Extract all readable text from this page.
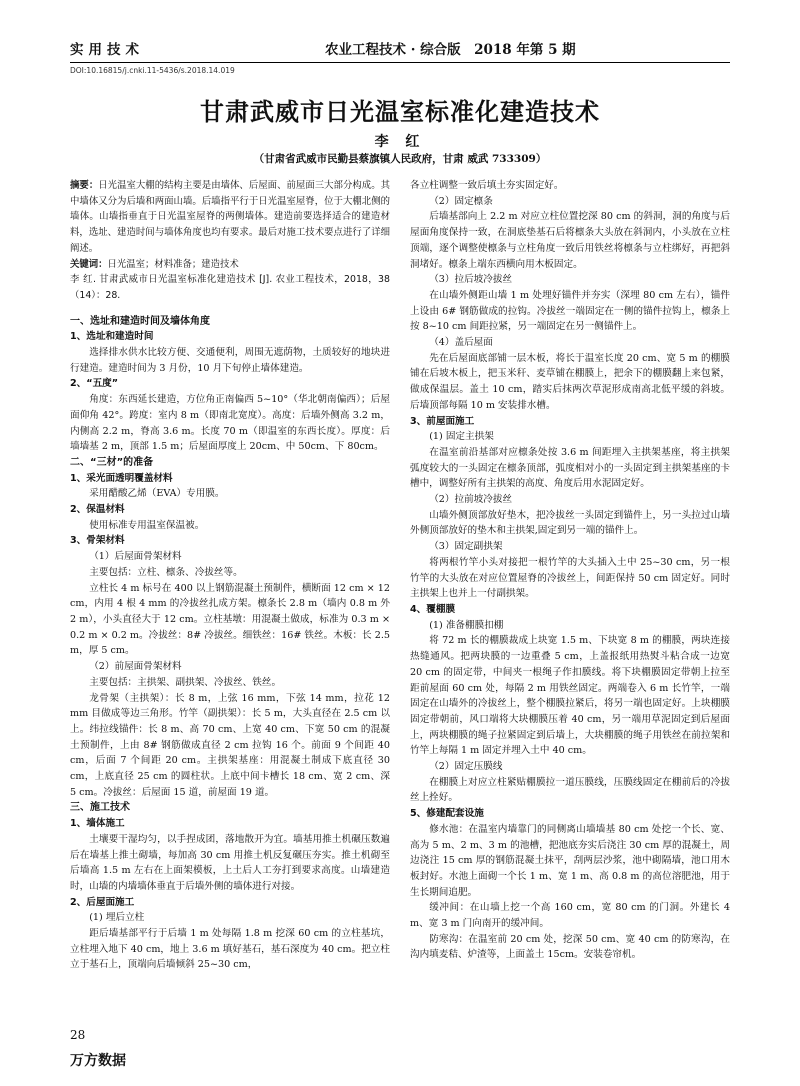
实用技术	农业工程技术 · 综合版　2018 年第 5 期
DOI:10.16815/j.cnki.11-5436/s.2018.14.019
甘肃武威市日光温室标准化建造技术
李 红
（甘肃省武威市民勤县蔡旗镇人民政府，甘肃 威武 733309）

摘要：日光温室大棚的结构主要是由墙体、后屋面、前屋面三大部分构成。其中墙体又分为后墙和两面山墙。后墙指平行于日光温室屋脊，位于大棚北侧的墙体。山墙指垂直于日光温室屋脊的两侧墙体。建造前要选择适合的建造材料，选址、建造时间与墙体角度也均有要求。最后对施工技术要点进行了详细阐述。

关键词：日光温室；材料准备；建造技术

李 红. 甘肃武威市日光温室标准化建造技术 [J]. 农业工程技术，2018，38（14）：28.

一、选址和建造时间及墙体角度

1、选址和建造时间

选择排水供水比较方便、交通便利，周围无遮荫物，土质较好的地块进行建造。建造时间为 3 月份，10 月下旬停止墙体建造。

2、“五度”

角度：东西延长建造，方位角正南偏西 5~10°（华北朝南偏西）；后屋面仰角 42°。跨度：室内 8 m（即南北宽度）。高度：后墙外侧高 3.2 m，内侧高 2.2 m，脊高 3.6 m。长度 70 m（即温室的东西长度）。厚度：后墙墙基 2 m，顶部 1.5 m；后屋面厚度上 20cm、中 50cm、下 80cm。

二、“三材”的准备

1、采光面透明覆盖材料

采用醋酸乙烯（EVA）专用膜。

2、保温材料

使用标准专用温室保温被。

3、骨架材料

（1）后屋面骨架材料

主要包括：立柱、檩条、冷拔丝等。

立柱长 4 m 标号在 400 以上钢筋混凝土预制件，横断面 12 cm × 12 cm，内用 4 根 4 mm 的冷拔丝扎成方架。檩条长 2.8 m（墙内 0.8 m 外 2 m），小头直径大于 12 cm。立柱基墩：用混凝土做成，标准为 0.3 m × 0.2 m × 0.2 m。冷拔丝：8# 冷拔丝。细铁丝：16# 铁丝。木板：长 2.5 m，厚 5 cm。

（2）前屋面骨架材料

主要包括：主拱架、副拱架、冷拔丝、铁丝。

龙骨架（主拱架）：长 8 m，上弦 16 mm，下弦 14 mm，拉花 12 mm 目做成等边三角形。竹竿（副拱架）：长 5 m，大头直径在 2.5 cm 以上。纬拉线锚件：长 8 m、高 70 cm、上宽 40 cm、下宽 50 cm 的混凝土预制件，上由 8# 钢筋做成直径 2 cm 拉钩 16 个。前面 9 个间距 40 cm，后面 7 个间距 20 cm。主拱架基座：用混凝土制成下底直径 30 cm，上底直径 25 cm 的圆柱状。上底中间卡槽长 18 cm、宽 2 cm、深 5 cm。冷拔丝：后屋面 15 道，前屋面 19 道。

三、施工技术

1、墙体施工

土壤要干湿均匀，以手捏成团，落地散开为宜。墙基用推土机碾压数遍后在墙基上推土砌墙，每加高 30 cm 用推土机反复碾压夯实。推土机砌至后墙高 1.5 m 左右在上面架模板，上土后人工夯打到要求高度。山墙建造时，山墙的内墙墙体垂直于后墙外侧的墙体进行对接。

2、后屋面施工

(1) 埋后立柱

距后墙基部平行于后墙 1 m 处每隔 1.8 m 挖深 60 cm 的立柱基坑，立柱埋入地下 40 cm，地上 3.6 m 填好基石，基石深度为 40 cm。把立柱立于基石上，顶端向后墙倾斜 25~30 cm，

各立柱调整一致后填土夯实固定好。

（2）固定檩条

后墙基部向上 2.2 m 对应立柱位置挖深 80 cm 的斜洞，洞的角度与后屋面角度保持一致，在洞底垫基石后将檩条大头放在斜洞内，小头放在立柱顶端，逐个调整使檩条与立柱角度一致后用铁丝将檩条与立柱绑好，再把斜洞堵好。檩条上端东西横向用木板固定。

（3）拉后坡冷拔丝

在山墙外侧距山墙 1 m 处埋好锚件并夯实（深埋 80 cm 左右），锚件上设由 6# 钢筋做成的拉钩。冷拔丝一端固定在一侧的锚件拉钩上，檩条上按 8~10 cm 间距拉紧，另一端固定在另一侧锚件上。

（4）盖后屋面

先在后屋面底部铺一层木板，将长于温室长度 20 cm、宽 5 m 的棚膜铺在后坡木板上，把玉米秆、麦草铺在棚膜上，把余下的棚膜翻上来包紧，做成保温层。盖土 10 cm，踏实后抹两次草泥形成南高北低平缓的斜坡。后墙顶部每隔 10 m 安装排水槽。

3、前屋面施工

(1) 固定主拱架

在温室前沿基部对应檩条处按 3.6 m 间距埋入主拱架基座，将主拱架弧度较大的一头固定在檩条顶部，弧度相对小的一头固定到主拱架基座的卡槽中，调整好所有主拱架的高度、角度后用水泥固定好。

（2）拉前坡冷拔丝

山墙外侧顶部放好垫木，把冷拔丝一头固定到锚件上，另一头拉过山墙外侧顶部放好的垫木和主拱架,固定到另一端的锚件上。

（3）固定副拱架

将两根竹竿小头对接把一根竹竿的大头插入土中 25~30 cm，另一根竹竿的大头放在对应位置屋脊的冷拔丝上，间距保持 50 cm 固定好。同时主拱架上也并上一付副拱架。

4、覆棚膜

(1) 准备棚膜扣棚

将 72 m 长的棚膜裁成上块宽 1.5 m、下块宽 8 m 的棚膜，两块连接热缝通风。把两块膜的一边重叠 5 cm，上盖报纸用热熨斗粘合成一边宽 20 cm 的固定带，中间夹一根绳子作扣膜线。将下块棚膜固定带朝上拉至距前屋面 60 cm 处，每隔 2 m 用铁丝固定。两端卷入 6 m 长竹竿，一端固定在山墙外的冷拔丝上，整个棚膜拉紧后，将另一端也固定好。上块棚膜固定带朝前，风口端将大块棚膜压着 40 cm，另一端用草泥固定到后屋面上，两块棚膜的绳子拉紧固定到后墙上，大块棚膜的绳子用铁丝在前拉架和竹竿上每隔 1 m 固定并埋入土中 40 cm。

（2）固定压膜线

在棚膜上对应立柱紧贴棚膜拉一道压膜线，压膜线固定在棚前后的冷拔丝上拴好。

5、修建配套设施

修水池：在温室内墙靠门的同侧离山墙墙基 80 cm 处挖一个长、宽、高为 5 m、2 m、3 m 的池槽，把池底夯实后浇注 30 cm 厚的混凝土，周边浇注 15 cm 厚的钢筋混凝土抹平，刮两层沙浆，池中砌隔墙，池口用木板封好。水池上面砌一个长 1 m、宽 1 m、高 0.8 m 的高位溶肥池，用于生长期间追肥。

缓冲间：在山墙上挖一个高 160 cm，宽 80 cm 的门洞。外建长 4 m、宽 3 m 门向南开的缓冲间。

防寒沟：在温室前 20 cm 处，挖深 50 cm、宽 40 cm 的防寒沟，在沟内填麦秸、炉渣等，上面盖土 15cm。安装卷帘机。

28
万方数据
